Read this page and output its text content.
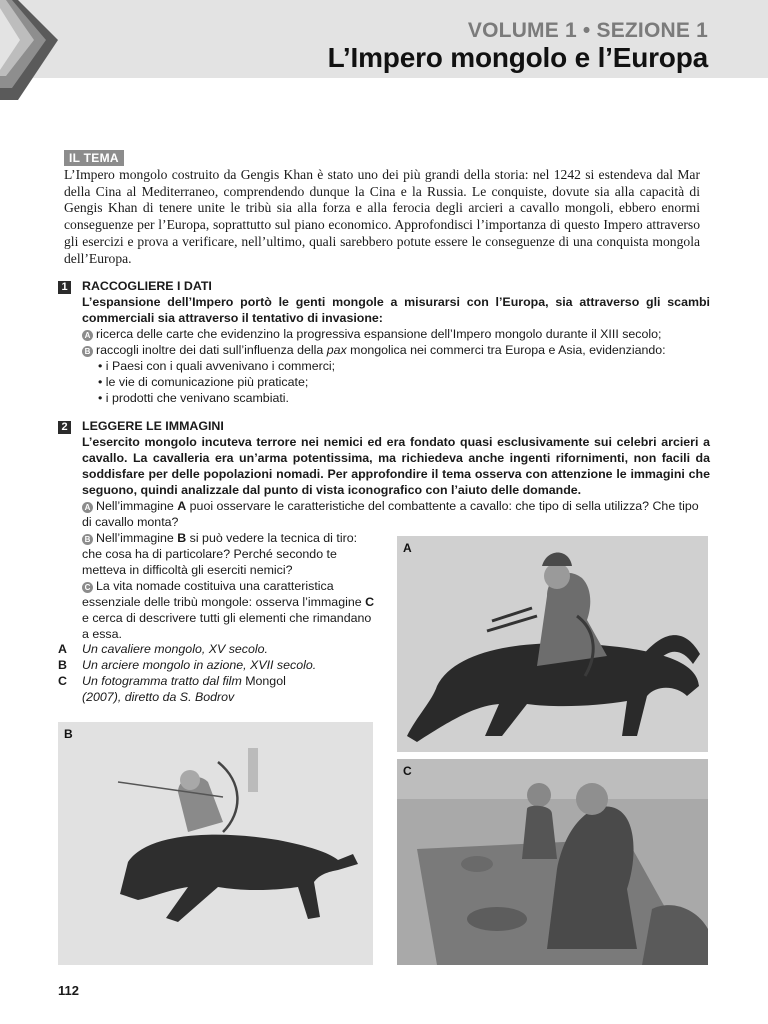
VOLUME 1 • SEZIONE 1
L’Impero mongolo e l’Europa
IL TEMA
L’Impero mongolo costruito da Gengis Khan è stato uno dei più grandi della storia: nel 1242 si estendeva dal Mar della Cina al Mediterraneo, comprendendo dunque la Cina e la Russia. Le conquiste, dovute sia alla capacità di Gengis Khan di tenere unite le tribù sia alla forza e alla ferocia degli arcieri a cavallo mongoli, ebbero enormi conseguenze per l’Europa, soprattutto sul piano economico. Approfondisci l’importanza di questo Impero attraverso gli esercizi e prova a verificare, nell’ultimo, quali sarebbero potute essere le conseguenze di una conquista mongola dell’Europa.
1 RACCOGLIERE I DATI
L’espansione dell’Impero portò le genti mongole a misurarsi con l’Europa, sia attraverso gli scambi commerciali sia attraverso il tentativo di invasione:
A ricerca delle carte che evidenzino la progressiva espansione dell’Impero mongolo durante il XIII secolo;
B raccogli inoltre dei dati sull’influenza della pax mongolica nei commerci tra Europa e Asia, evidenziando:
• i Paesi con i quali avvenivano i commerci;
• le vie di comunicazione più praticate;
• i prodotti che venivano scambiati.
2 LEGGERE LE IMMAGINI
L’esercito mongolo incuteva terrore nei nemici ed era fondato quasi esclusivamente sui celebri arcieri a cavallo. La cavalleria era un’arma potentissima, ma richiedeva anche ingenti rifornimenti, non facili da soddisfare per delle popolazioni nomadi. Per approfondire il tema osserva con attenzione le immagini che seguono, quindi analizzale dal punto di vista iconografico con l’aiuto delle domande.
A Nell’immagine A puoi osservare le caratteristiche del combattente a cavallo: che tipo di sella utilizza? Che tipo di cavallo monta?
B Nell’immagine B si può vedere la tecnica di tiro: che cosa ha di particolare? Perché secondo te metteva in difficoltà gli eserciti nemici?
C La vita nomade costituiva una caratteristica essenziale delle tribù mongole: osserva l’immagine C e cerca di descrivere tutti gli elementi che rimandano a essa.
A	Un cavaliere mongolo, XV secolo.
B	Un arciere mongolo in azione, XVII secolo.
C	Un fotogramma tratto dal film Mongol (2007), diretto da S. Bodrov
A
B
C
112
